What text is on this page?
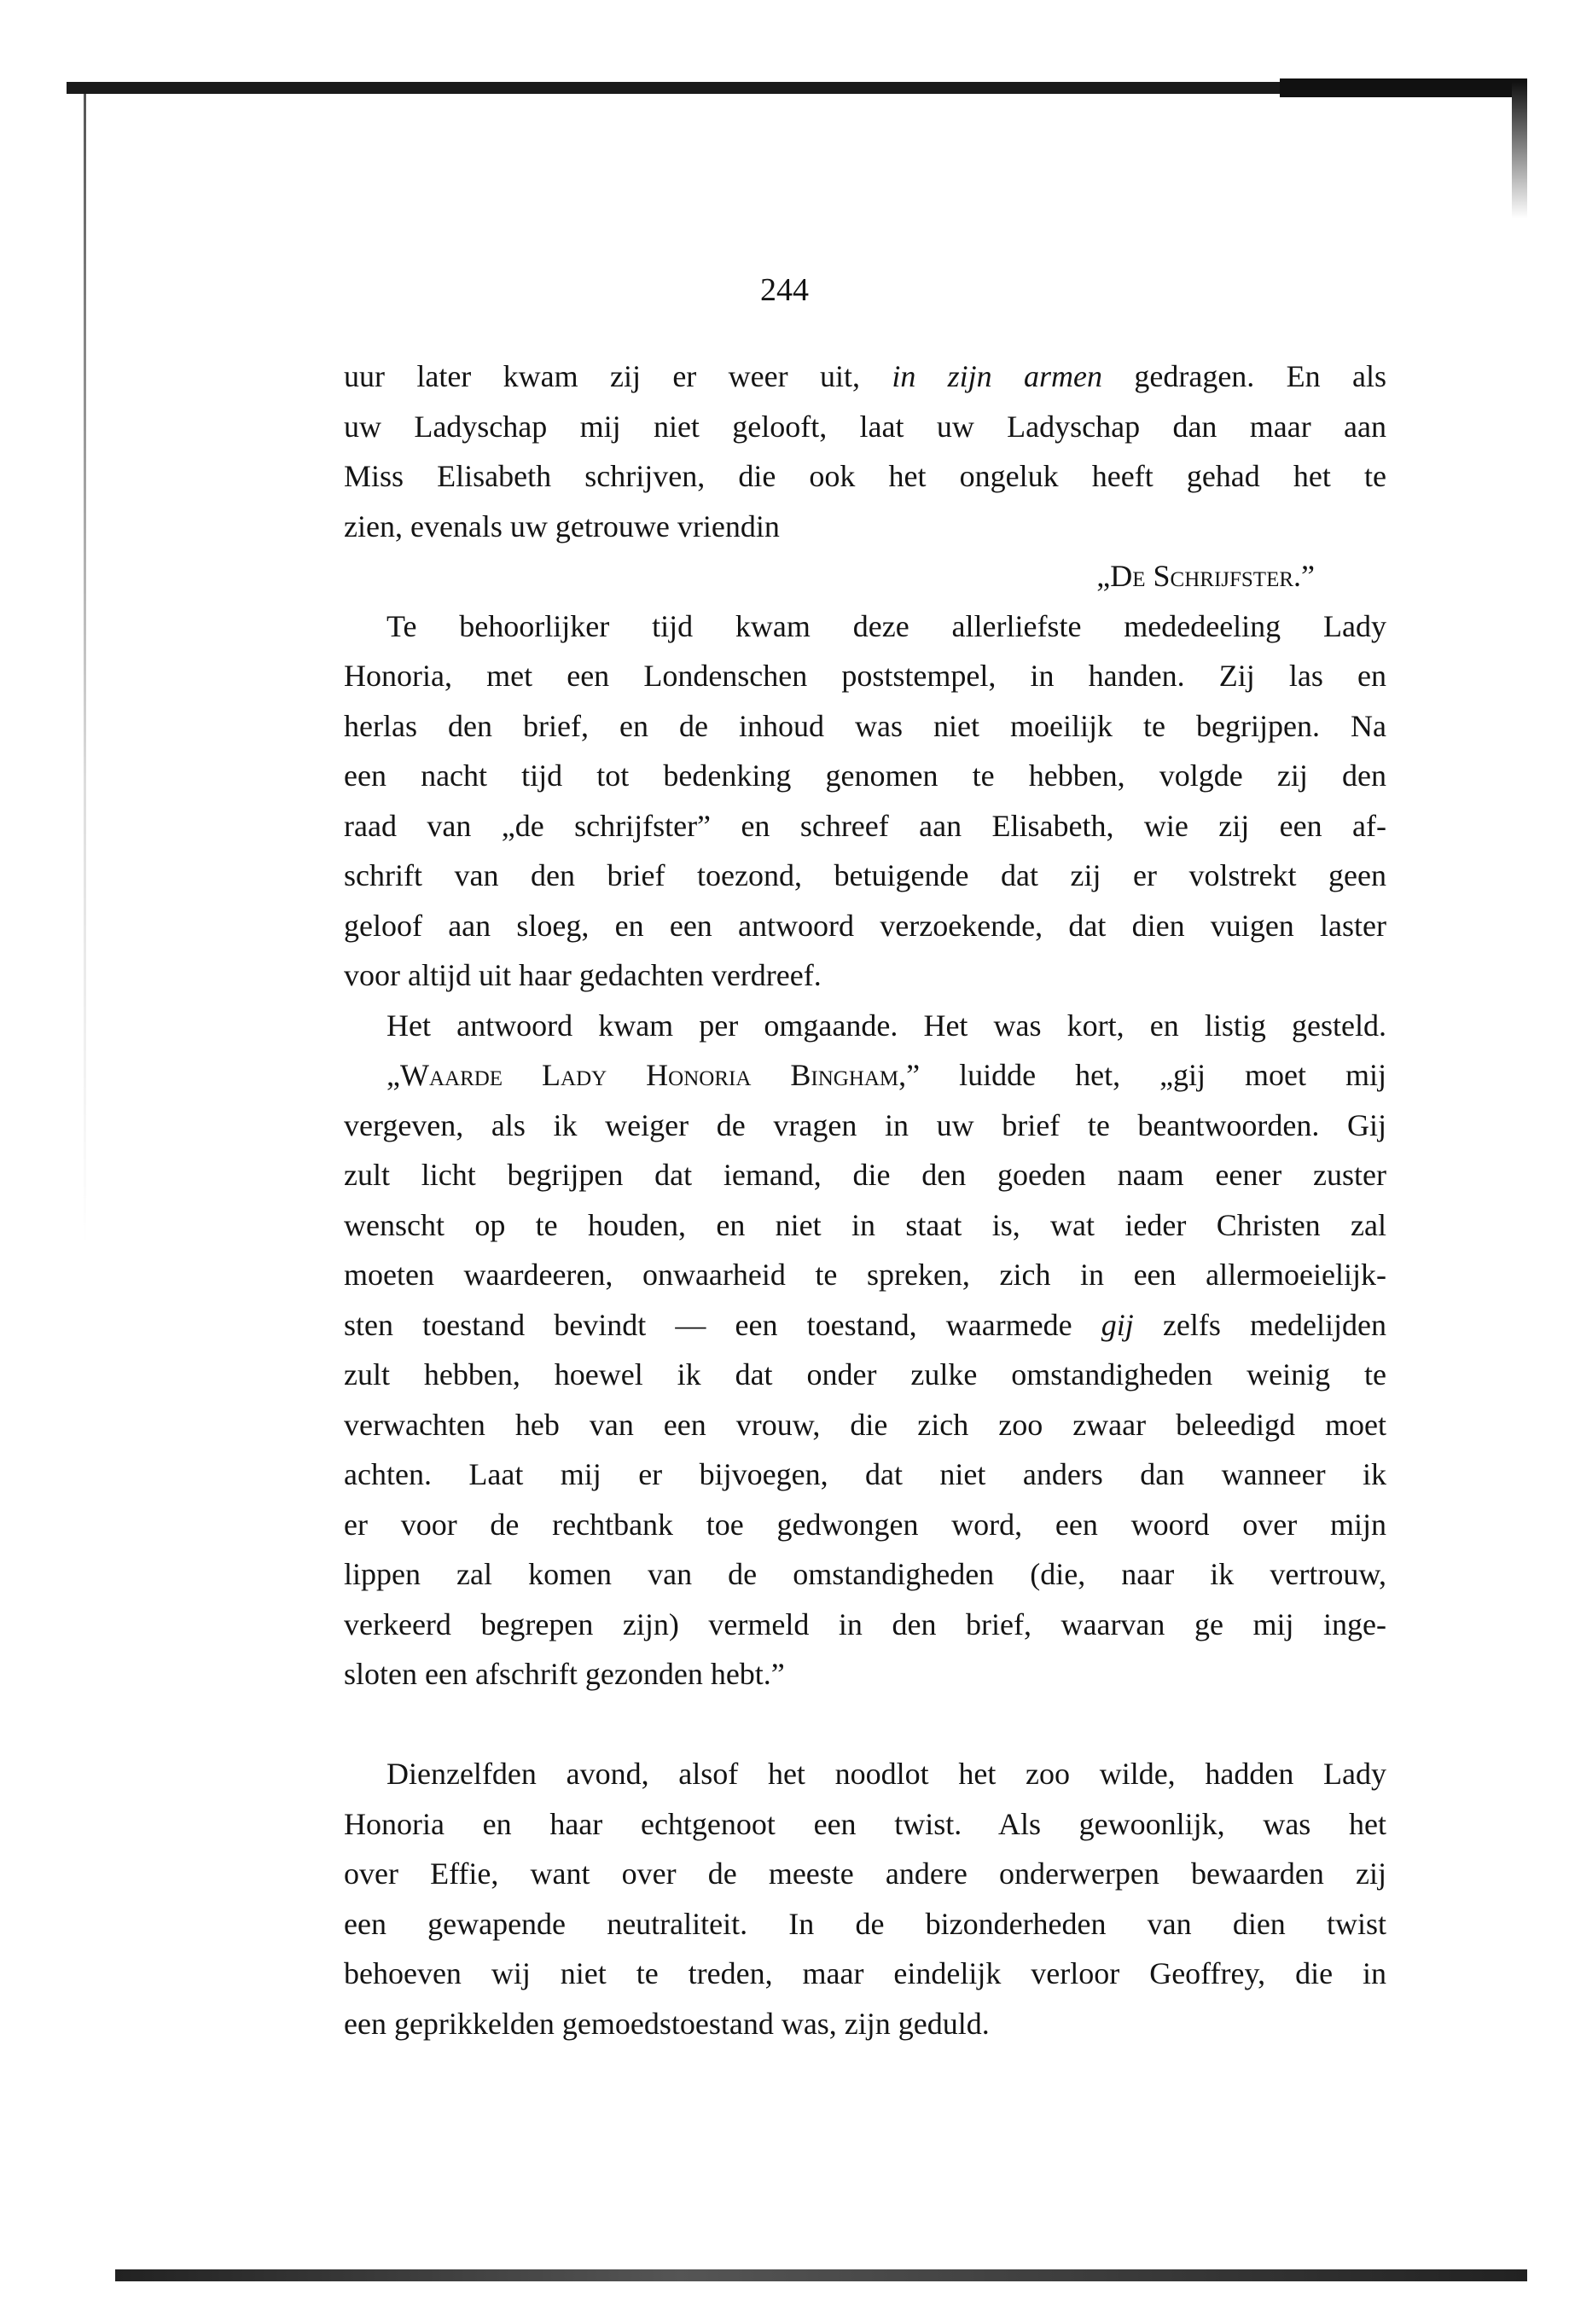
244
uur later kwam zij er weer uit, in zijn armen gedragen. En als
uw Ladyschap mij niet gelooft, laat uw Ladyschap dan maar aan
Miss Elisabeth schrijven, die ook het ongeluk heeft gehad het te
zien, evenals uw getrouwe vriendin
„De Schrijfster.”
Te behoorlijker tijd kwam deze allerliefste mededeeling Lady
Honoria, met een Londenschen poststempel, in handen. Zij las en
herlas den brief, en de inhoud was niet moeilijk te begrijpen. Na
een nacht tijd tot bedenking genomen te hebben, volgde zij den
raad van „de schrijfster” en schreef aan Elisabeth, wie zij een af-
schrift van den brief toezond, betuigende dat zij er volstrekt geen
geloof aan sloeg, en een antwoord verzoekende, dat dien vuigen laster
voor altijd uit haar gedachten verdreef.
Het antwoord kwam per omgaande. Het was kort, en listig gesteld.
„Waarde Lady Honoria Bingham,” luidde het, „gij moet mij
vergeven, als ik weiger de vragen in uw brief te beantwoorden. Gij
zult licht begrijpen dat iemand, die den goeden naam eener zuster
wenscht op te houden, en niet in staat is, wat ieder Christen zal
moeten waardeeren, onwaarheid te spreken, zich in een allermoeielijk-
sten toestand bevindt — een toestand, waarmede gij zelfs medelijden
zult hebben, hoewel ik dat onder zulke omstandigheden weinig te
verwachten heb van een vrouw, die zich zoo zwaar beleedigd moet
achten. Laat mij er bijvoegen, dat niet anders dan wanneer ik
er voor de rechtbank toe gedwongen word, een woord over mijn
lippen zal komen van de omstandigheden (die, naar ik vertrouw,
verkeerd begrepen zijn) vermeld in den brief, waarvan ge mij inge-
sloten een afschrift gezonden hebt.”
Dienzelfden avond, alsof het noodlot het zoo wilde, hadden Lady
Honoria en haar echtgenoot een twist. Als gewoonlijk, was het
over Effie, want over de meeste andere onderwerpen bewaarden zij
een gewapende neutraliteit. In de bizonderheden van dien twist
behoeven wij niet te treden, maar eindelijk verloor Geoffrey, die in
een geprikkelden gemoedstoestand was, zijn geduld.
